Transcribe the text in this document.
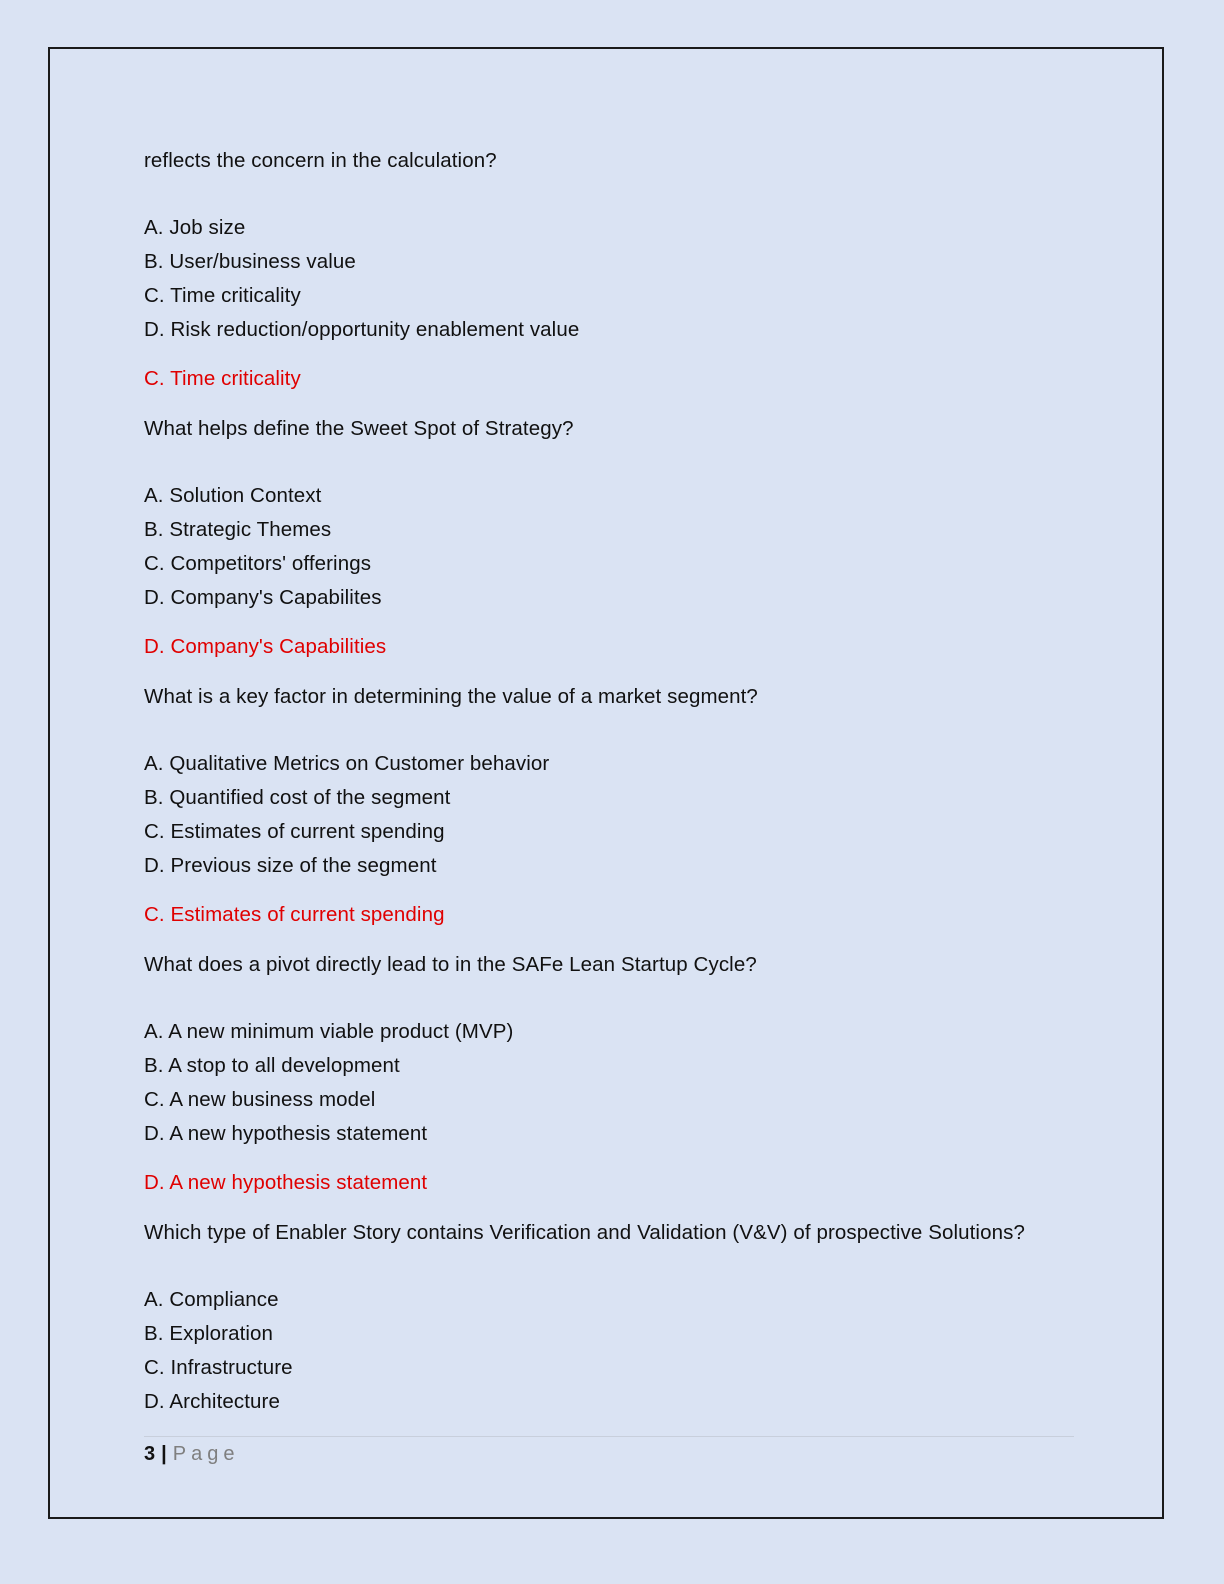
reflects the concern in the calculation?
A. Job size
B. User/business value
C. Time criticality
D. Risk reduction/opportunity enablement value
C. Time criticality
What helps define the Sweet Spot of Strategy?
A. Solution Context
B. Strategic Themes
C. Competitors' offerings
D. Company's Capabilites
D. Company's Capabilities
What is a key factor in determining the value of a market segment?
A. Qualitative Metrics on Customer behavior
B. Quantified cost of the segment
C. Estimates of current spending
D. Previous size of the segment
C. Estimates of current spending
What does a pivot directly lead to in the SAFe Lean Startup Cycle?
A. A new minimum viable product (MVP)
B. A stop to all development
C. A new business model
D. A new hypothesis statement
D. A new hypothesis statement
Which type of Enabler Story contains Verification and Validation (V&V) of prospective Solutions?
A. Compliance
B. Exploration
C. Infrastructure
D. Architecture
3 | Page
